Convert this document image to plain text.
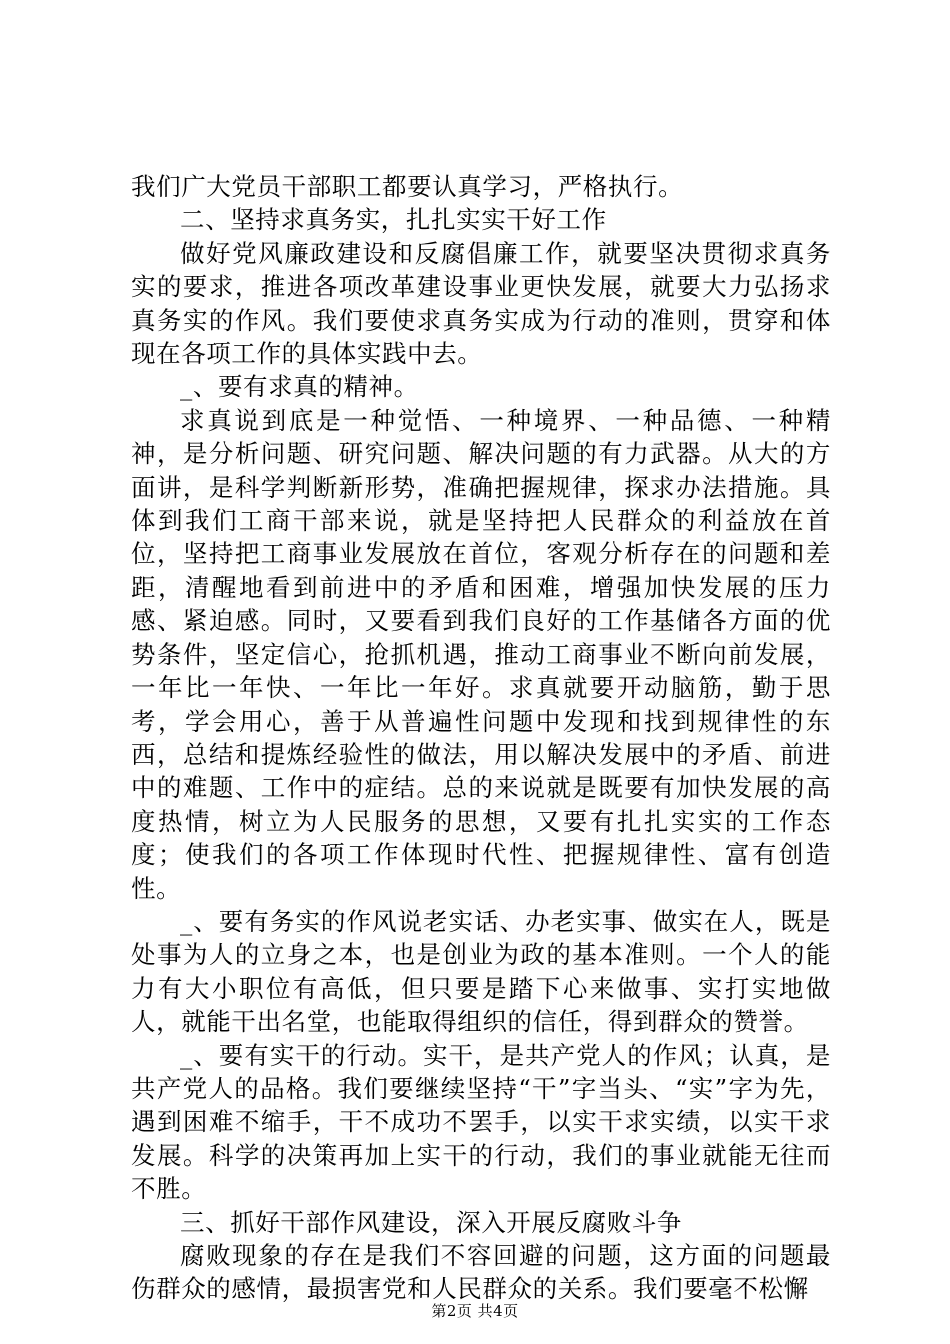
我们广大党员干部职工都要认真学习，严格执行。

二、坚持求真务实，扎扎实实干好工作

做好党风廉政建设和反腐倡廉工作，就要坚决贯彻求真务实的要求，推进各项改革建设事业更快发展，就要大力弘扬求真务实的作风。我们要使求真务实成为行动的准则，贯穿和体现在各项工作的具体实践中去。

_、要有求真的精神。

求真说到底是一种觉悟、一种境界、一种品德、一种精神，是分析问题、研究问题、解决问题的有力武器。从大的方面讲，是科学判断新形势，准确把握规律，探求办法措施。具体到我们工商干部来说，就是坚持把人民群众的利益放在首位，坚持把工商事业发展放在首位，客观分析存在的问题和差距，清醒地看到前进中的矛盾和困难，增强加快发展的压力感、紧迫感。同时，又要看到我们良好的工作基储各方面的优势条件，坚定信心，抢抓机遇，推动工商事业不断向前发展，一年比一年快、一年比一年好。求真就要开动脑筋，勤于思考，学会用心，善于从普遍性问题中发现和找到规律性的东西，总结和提炼经验性的做法，用以解决发展中的矛盾、前进中的难题、工作中的症结。总的来说就是既要有加快发展的高度热情，树立为人民服务的思想，又要有扎扎实实的工作态度；使我们的各项工作体现时代性、把握规律性、富有创造性。

_、要有务实的作风说老实话、办老实事、做实在人，既是处事为人的立身之本，也是创业为政的基本准则。一个人的能力有大小职位有高低，但只要是踏下心来做事、实打实地做人，就能干出名堂，也能取得组织的信任，得到群众的赞誉。

_、要有实干的行动。实干，是共产党人的作风；认真，是共产党人的品格。我们要继续坚持“干”字当头、“实”字为先，遇到困难不缩手，干不成功不罢手，以实干求实绩，以实干求发展。科学的决策再加上实干的行动，我们的事业就能无往而不胜。

三、抓好干部作风建设，深入开展反腐败斗争

腐败现象的存在是我们不容回避的问题，这方面的问题最伤群众的感情，最损害党和人民群众的关系。我们要毫不松懈

第2页 共4页
